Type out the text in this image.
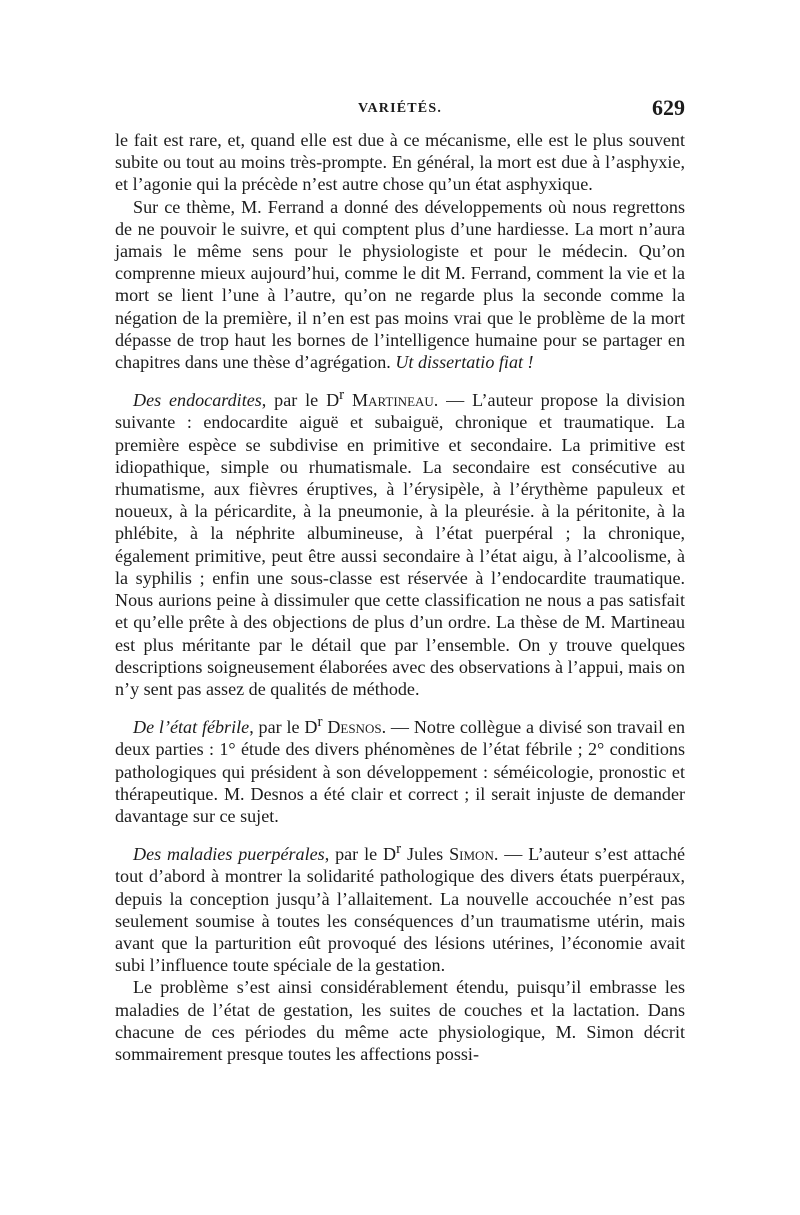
VARIÉTÉS.	629

le fait est rare, et, quand elle est due à ce mécanisme, elle est le plus souvent subite ou tout au moins très-prompte. En général, la mort est due à l’asphyxie, et l’agonie qui la précède n’est autre chose qu’un état asphyxique.

Sur ce thème, M. Ferrand a donné des développements où nous regrettons de ne pouvoir le suivre, et qui comptent plus d’une hardiesse. La mort n’aura jamais le même sens pour le physiologiste et pour le médecin. Qu’on comprenne mieux aujourd’hui, comme le dit M. Ferrand, comment la vie et la mort se lient l’une à l’autre, qu’on ne regarde plus la seconde comme la négation de la première, il n’en est pas moins vrai que le problème de la mort dépasse de trop haut les bornes de l’intelligence humaine pour se partager en chapitres dans une thèse d’agrégation. Ut dissertatio fiat !

Des endocardites, par le $D^r$ Martineau. — L’auteur propose la division suivante : endocardite aiguë et subaiguë, chronique et traumatique. La première espèce se subdivise en primitive et secondaire. La primitive est idiopathique, simple ou rhumatismale. La secondaire est consécutive au rhumatisme, aux fièvres éruptives, à l’érysipèle, à l’érythème papuleux et noueux, à la péricardite, à la pneumonie, à la pleurésie. à la péritonite, à la phlébite, à la néphrite albumineuse, à l’état puerpéral ; la chronique, également primitive, peut être aussi secondaire à l’état aigu, à l’alcoolisme, à la syphilis ; enfin une sous-classe est réservée à l’endocardite traumatique. Nous aurions peine à dissimuler que cette classification ne nous a pas satisfait et qu’elle prête à des objections de plus d’un ordre. La thèse de M. Martineau est plus méritante par le détail que par l’ensemble. On y trouve quelques descriptions soigneusement élaborées avec des observations à l’appui, mais on n’y sent pas assez de qualités de méthode.

De l’état fébrile, par le $D^r$ Desnos. — Notre collègue a divisé son travail en deux parties : 1° étude des divers phénomènes de l’état fébrile ; 2° conditions pathologiques qui président à son développement : séméicologie, pronostic et thérapeutique. M. Desnos a été clair et correct ; il serait injuste de demander davantage sur ce sujet.

Des maladies puerpérales, par le $D^r$ Jules Simon. — L’auteur s’est attaché tout d’abord à montrer la solidarité pathologique des divers états puerpéraux, depuis la conception jusqu’à l’allaitement. La nouvelle accouchée n’est pas seulement soumise à toutes les conséquences d’un traumatisme utérin, mais avant que la parturition eût provoqué des lésions utérines, l’économie avait subi l’influence toute spéciale de la gestation.

Le problème s’est ainsi considérablement étendu, puisqu’il embrasse les maladies de l’état de gestation, les suites de couches et la lactation. Dans chacune de ces périodes du même acte physiologique, M. Simon décrit sommairement presque toutes les affections possi-
